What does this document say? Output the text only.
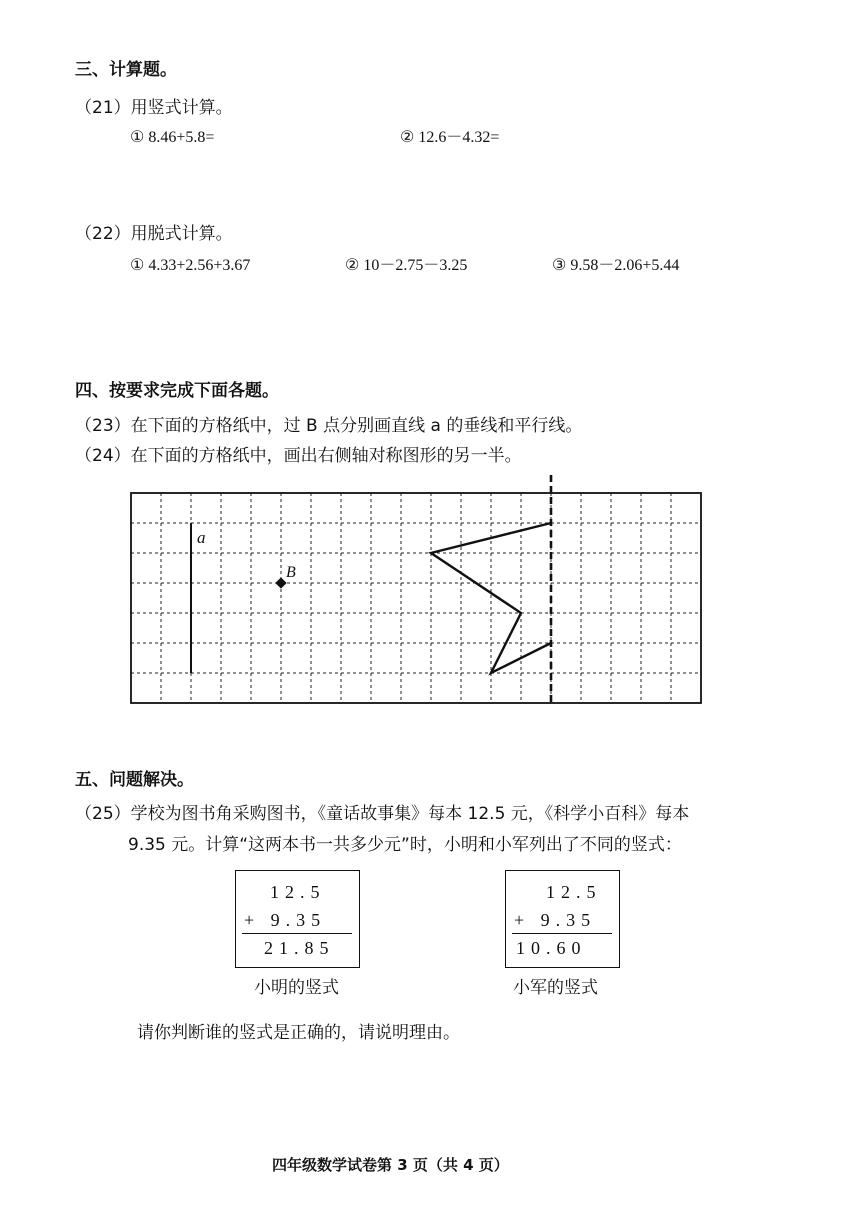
三、计算题。
（21）用竖式计算。
① 8.46+5.8=	② 12.6－4.32=
（22）用脱式计算。
① 4.33+2.56+3.67	② 10－2.75－3.25	③ 9.58－2.06+5.44
四、按要求完成下面各题。
（23）在下面的方格纸中，过 B 点分别画直线 a 的垂线和平行线。
（24）在下面的方格纸中，画出右侧轴对称图形的另一半。
a
B
五、问题解决。
（25）学校为图书角采购图书，《童话故事集》每本 12.5 元，《科学小百科》每本
9.35 元。计算“这两本书一共多少元”时，小明和小军列出了不同的竖式：
12.5
+ 9.35
21.85
小明的竖式
12.5
+ 9.35
10.60
小军的竖式
请你判断谁的竖式是正确的，请说明理由。
四年级数学试卷第 3 页（共 4 页）
